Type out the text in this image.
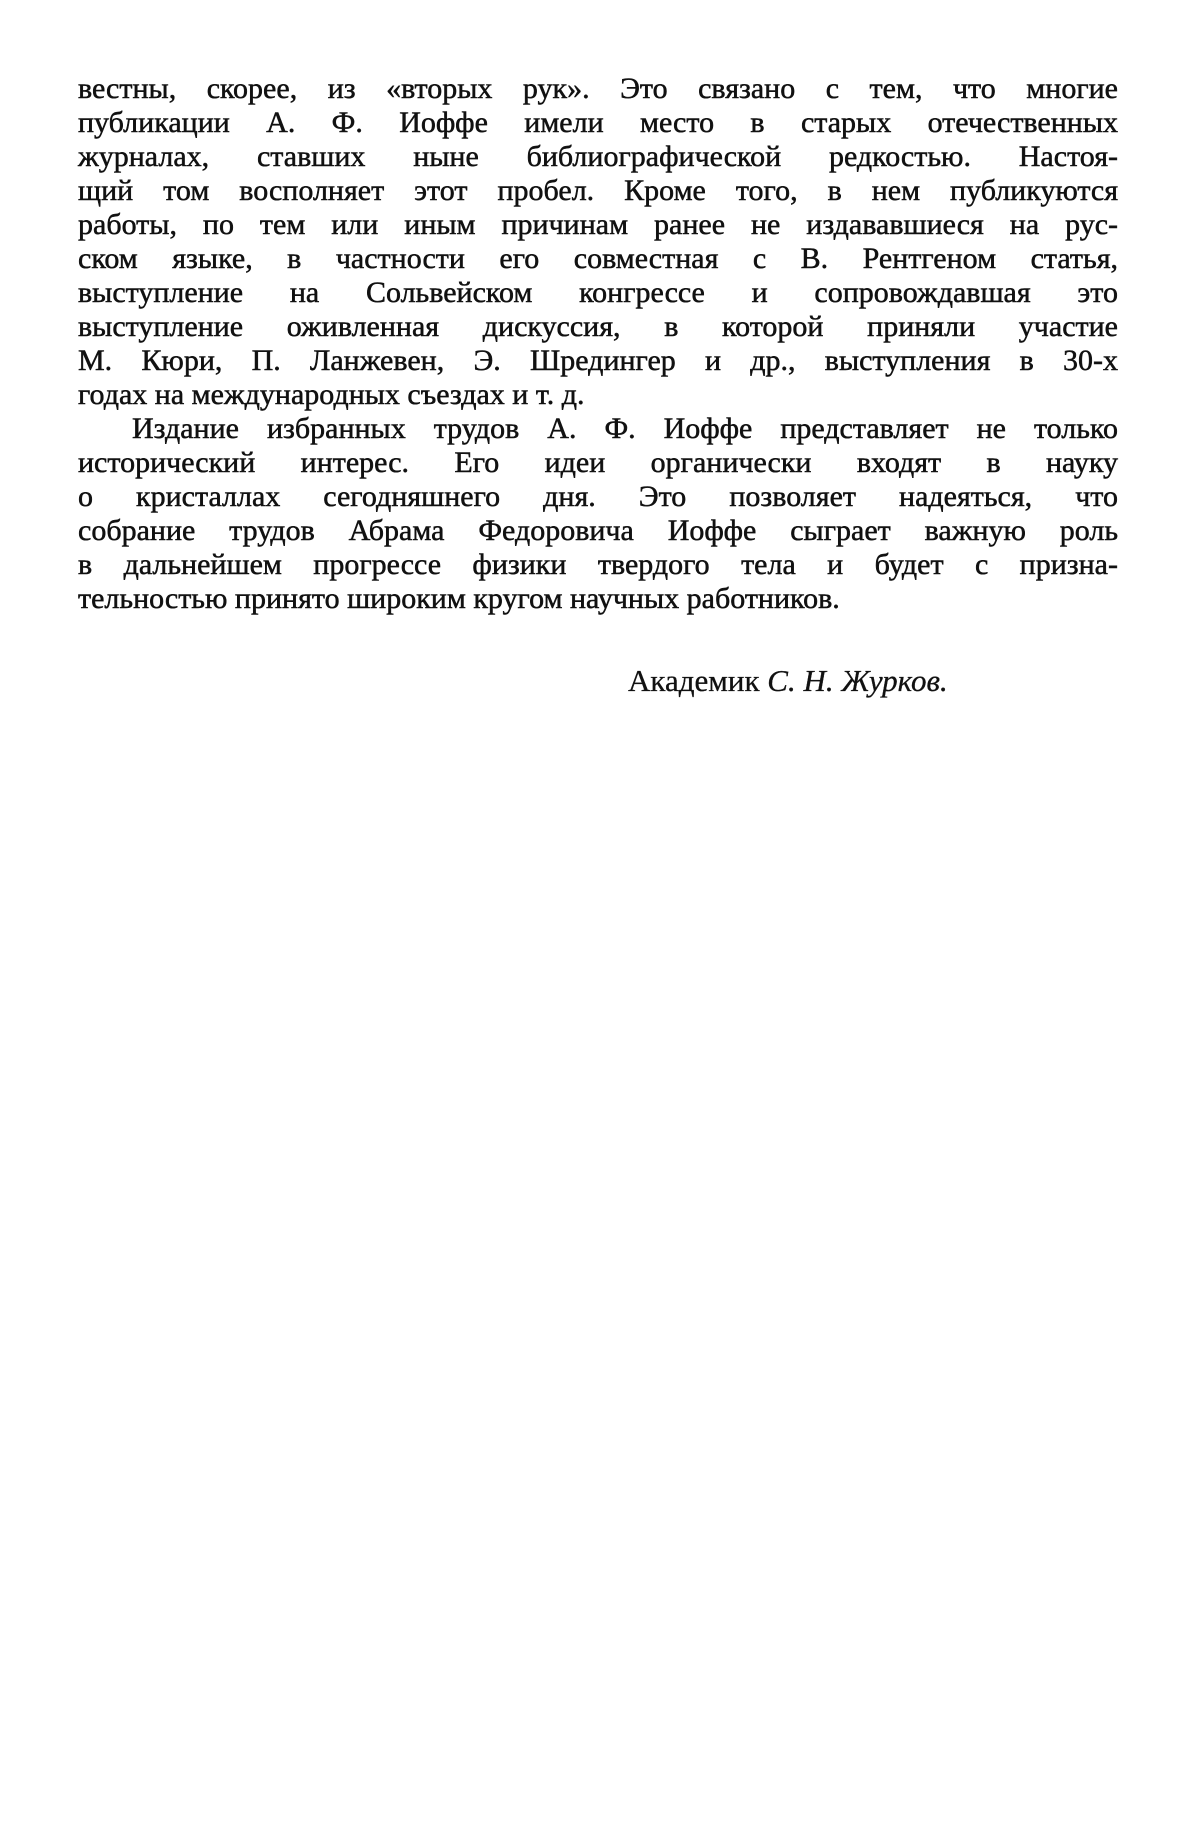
вестны, скорее, из «вторых рук». Это связано с тем, что многие
публикации А. Ф. Иоффе имели место в старых отечественных
журналах, ставших ныне библиографической редкостью. Настоя-
щий том восполняет этот пробел. Кроме того, в нем публикуются
работы, по тем или иным причинам ранее не издававшиеся на рус-
ском языке, в частности его совместная с В. Рентгеном статья,
выступление на Сольвейском конгрессе и сопровождавшая это
выступление оживленная дискуссия, в которой приняли участие
М. Кюри, П. Ланжевен, Э. Шредингер и др., выступления в 30-х
годах на международных съездах и т. д.
Издание избранных трудов А. Ф. Иоффе представляет не только
исторический интерес. Его идеи органически входят в науку
о кристаллах сегодняшнего дня. Это позволяет надеяться, что
собрание трудов Абрама Федоровича Иоффе сыграет важную роль
в дальнейшем прогрессе физики твердого тела и будет с призна-
тельностью принято широким кругом научных работников.
Академик С. Н. Журков.
